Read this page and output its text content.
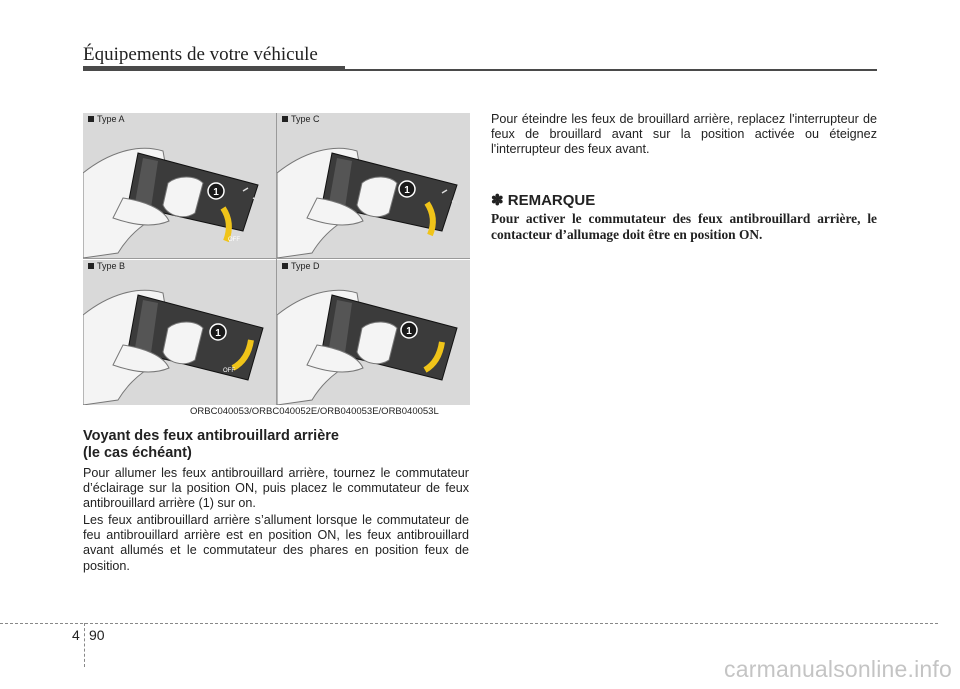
Équipements de votre véhicule
Type A
1
OFF
Type C
1
Type B
1
OFF
Type D
1
ORBC040053/ORBC040052E/ORB040053E/ORB040053L
Voyant des feux antibrouillard arrière
(le cas échéant)
Pour allumer les feux antibrouillard arrière, tournez le commutateur d’éclairage sur la position ON, puis placez le commutateur de feux antibrouillard arrière (1) sur on.
Les feux antibrouillard arrière s’allument lorsque le commutateur de feu antibrouillard arrière est en position ON, les feux antibrouillard avant allumés et le commutateur des phares en position feux de position.
Pour éteindre les feux de brouillard arrière, replacez l'interrupteur de feux de brouillard avant sur la position activée ou éteignez l'interrupteur des feux avant.
✽ REMARQUE
Pour activer le commutateur des feux antibrouillard arrière, le contacteur d’allumage doit être en position ON.
4 90
carmanualsonline.info
